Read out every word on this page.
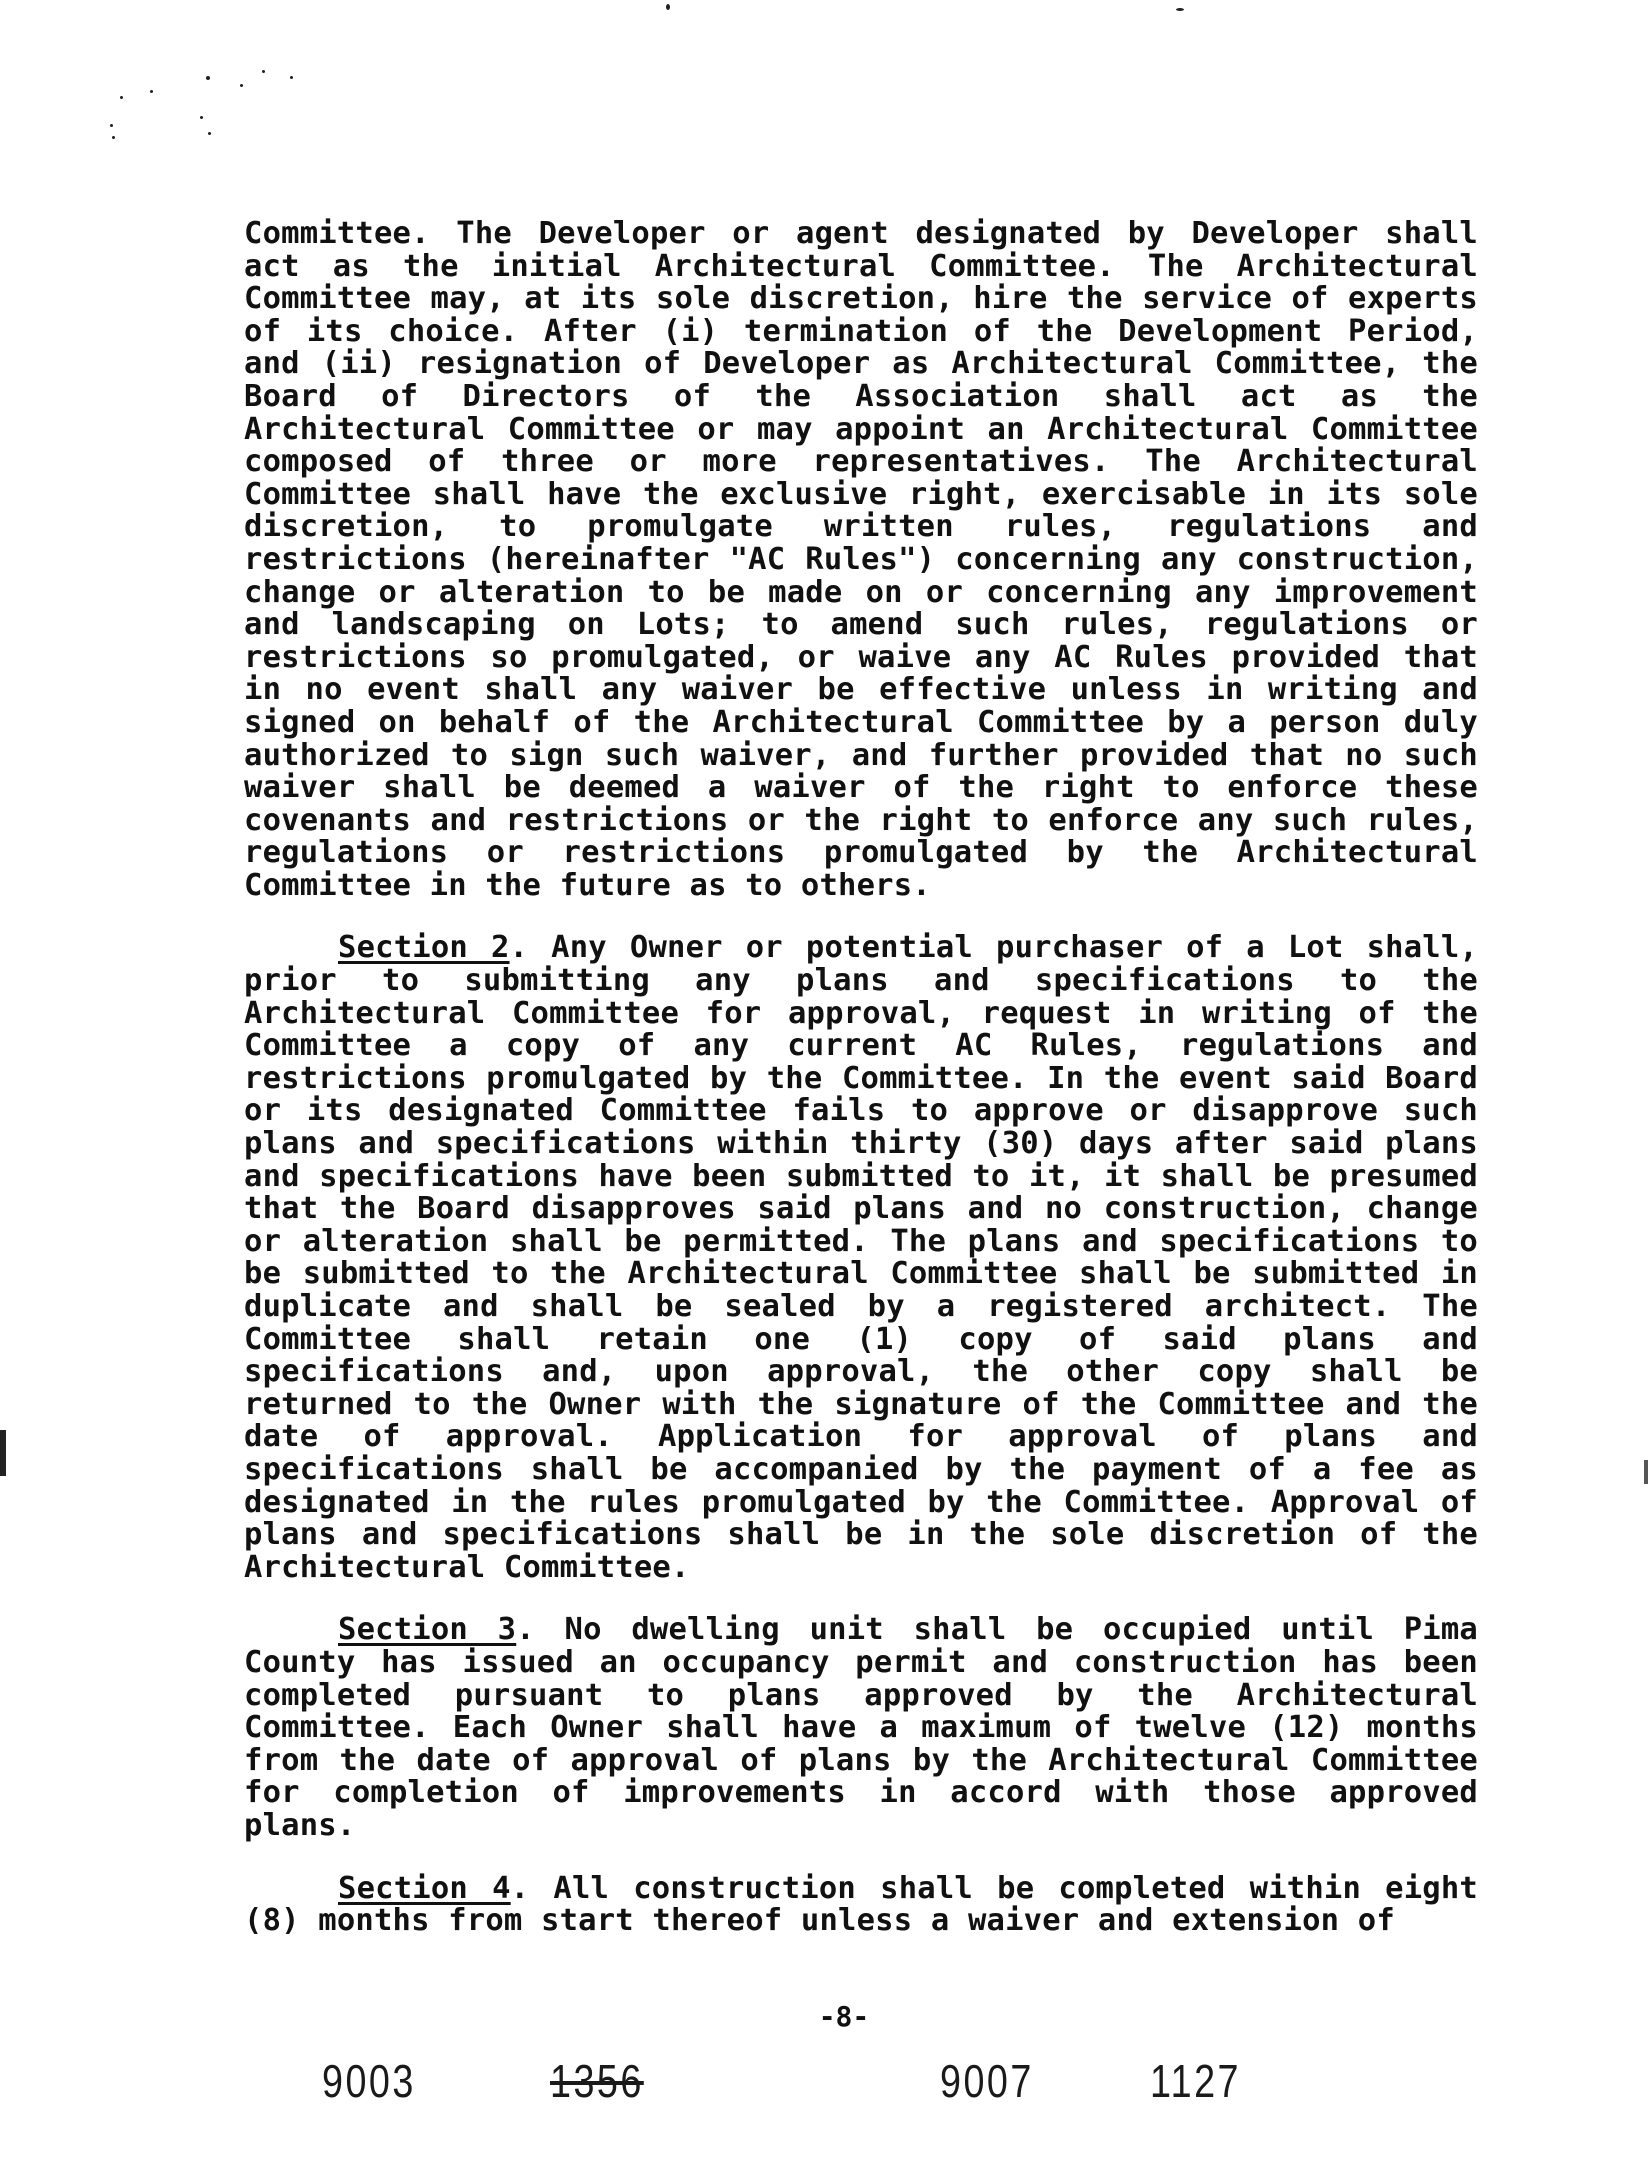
Committee. The Developer or agent designated by Developer shall act as the initial Architectural Committee. The Architectural Committee may, at its sole discretion, hire the service of experts of its choice. After (i) termination of the Development Period, and (ii) resignation of Developer as Architectural Committee, the Board of Directors of the Association shall act as the Architectural Committee or may appoint an Architectural Committee composed of three or more representatives. The Architectural Committee shall have the exclusive right, exercisable in its sole discretion, to promulgate written rules, regulations and restrictions (hereinafter "AC Rules") concerning any construction, change or alteration to be made on or concerning any improvement and landscaping on Lots; to amend such rules, regulations or restrictions so promulgated, or waive any AC Rules provided that in no event shall any waiver be effective unless in writing and signed on behalf of the Architectural Committee by a person duly authorized to sign such waiver, and further provided that no such waiver shall be deemed a waiver of the right to enforce these covenants and restrictions or the right to enforce any such rules, regulations or restrictions promulgated by the Architectural Committee in the future as to others.

Section 2. Any Owner or potential purchaser of a Lot shall, prior to submitting any plans and specifications to the Architectural Committee for approval, request in writing of the Committee a copy of any current AC Rules, regulations and restrictions promulgated by the Committee. In the event said Board or its designated Committee fails to approve or disapprove such plans and specifications within thirty (30) days after said plans and specifications have been submitted to it, it shall be presumed that the Board disapproves said plans and no construction, change or alteration shall be permitted. The plans and specifications to be submitted to the Architectural Committee shall be submitted in duplicate and shall be sealed by a registered architect. The Committee shall retain one (1) copy of said plans and specifications and, upon approval, the other copy shall be returned to the Owner with the signature of the Committee and the date of approval. Application for approval of plans and specifications shall be accompanied by the payment of a fee as designated in the rules promulgated by the Committee. Approval of plans and specifications shall be in the sole discretion of the Architectural Committee.

Section 3. No dwelling unit shall be occupied until Pima County has issued an occupancy permit and construction has been completed pursuant to plans approved by the Architectural Committee. Each Owner shall have a maximum of twelve (12) months from the date of approval of plans by the Architectural Committee for completion of improvements in accord with those approved plans.

Section 4. All construction shall be completed within eight (8) months from start thereof unless a waiver and extension of

-8-
9003	1356	9007	1127
